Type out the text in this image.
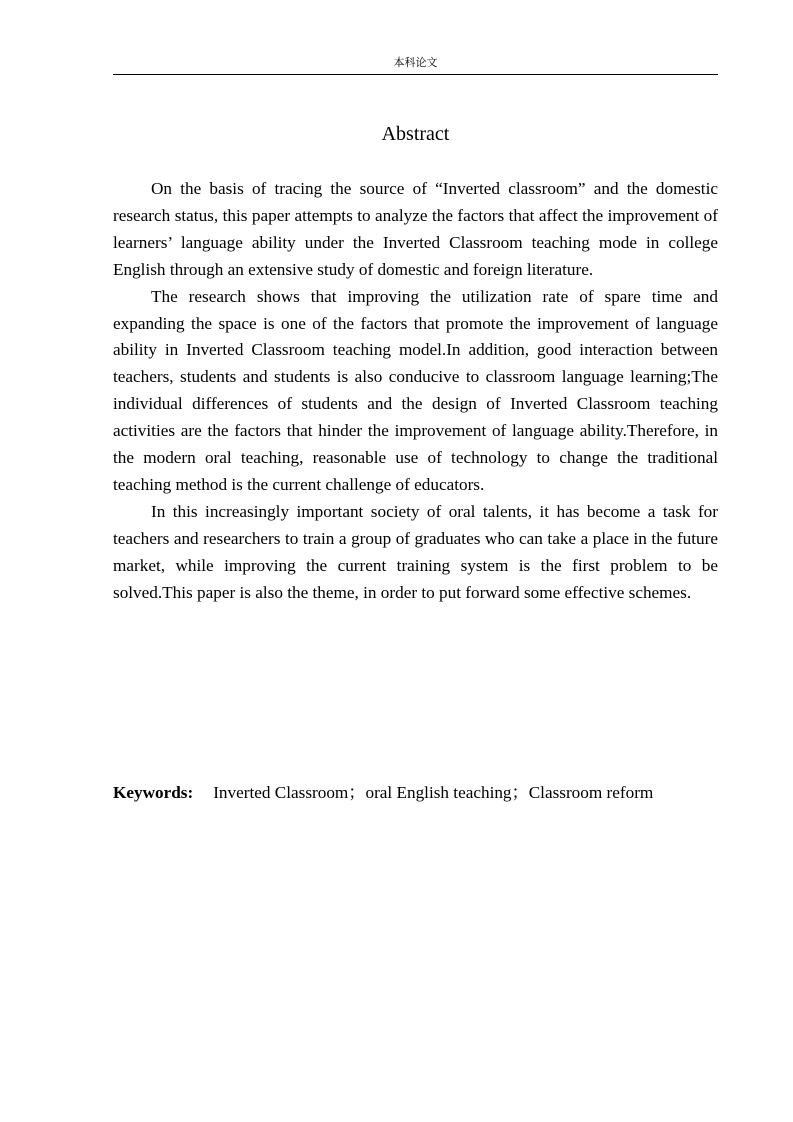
本科论文
Abstract

On the basis of tracing the source of “Inverted classroom” and the domestic research status, this paper attempts to analyze the factors that affect the improvement of learners’ language ability under the Inverted Classroom teaching mode in college English through an extensive study of domestic and foreign literature.

The research shows that improving the utilization rate of spare time and expanding the space is one of the factors that promote the improvement of language ability in Inverted Classroom teaching model.In addition, good interaction between teachers, students and students is also conducive to classroom language learning;The individual differences of students and the design of Inverted Classroom teaching activities are the factors that hinder the improvement of language ability.Therefore, in the modern oral teaching, reasonable use of technology to change the traditional teaching method is the current challenge of educators.

In this increasingly important society of oral talents, it has become a task for teachers and researchers to train a group of graduates who can take a place in the future market, while improving the current training system is the first problem to be solved.This paper is also the theme, in order to put forward some effective schemes.

Keywords: Inverted Classroom；oral English teaching；Classroom reform
